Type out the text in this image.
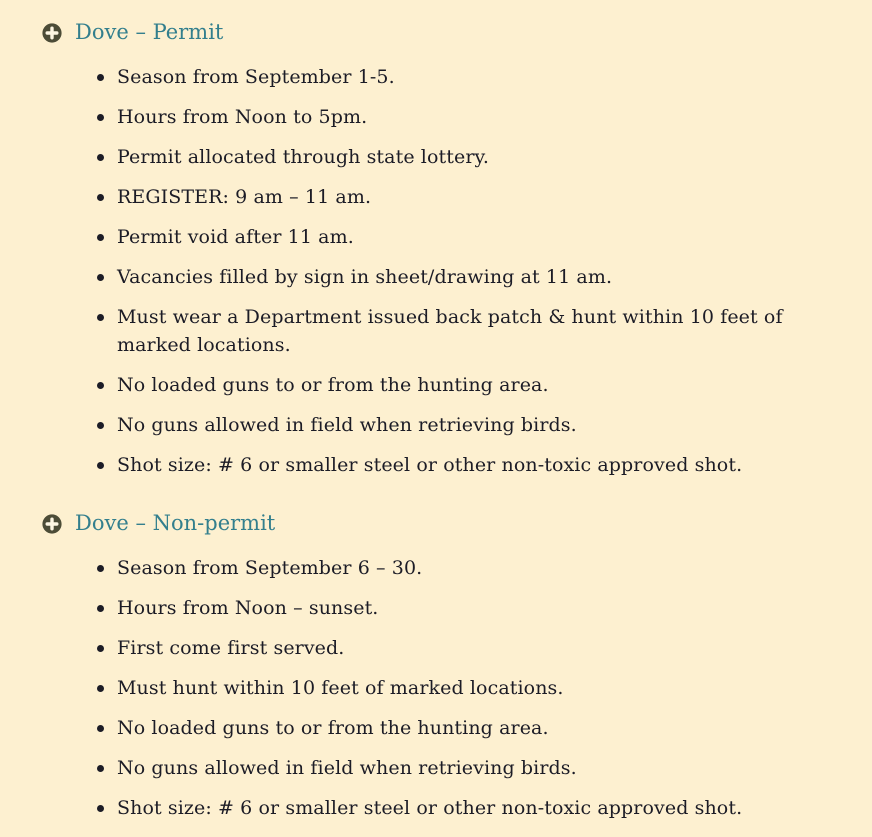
Dove – Permit
Season from September 1-5.
Hours from Noon to 5pm.
Permit allocated through state lottery.
REGISTER: 9 am – 11 am.
Permit void after 11 am.
Vacancies filled by sign in sheet/drawing at 11 am.
Must wear a Department issued back patch & hunt within 10 feet of marked locations.
No loaded guns to or from the hunting area.
No guns allowed in field when retrieving birds.
Shot size: # 6 or smaller steel or other non-toxic approved shot.
Dove – Non-permit
Season from September 6 – 30.
Hours from Noon – sunset.
First come first served.
Must hunt within 10 feet of marked locations.
No loaded guns to or from the hunting area.
No guns allowed in field when retrieving birds.
Shot size: # 6 or smaller steel or other non-toxic approved shot.
